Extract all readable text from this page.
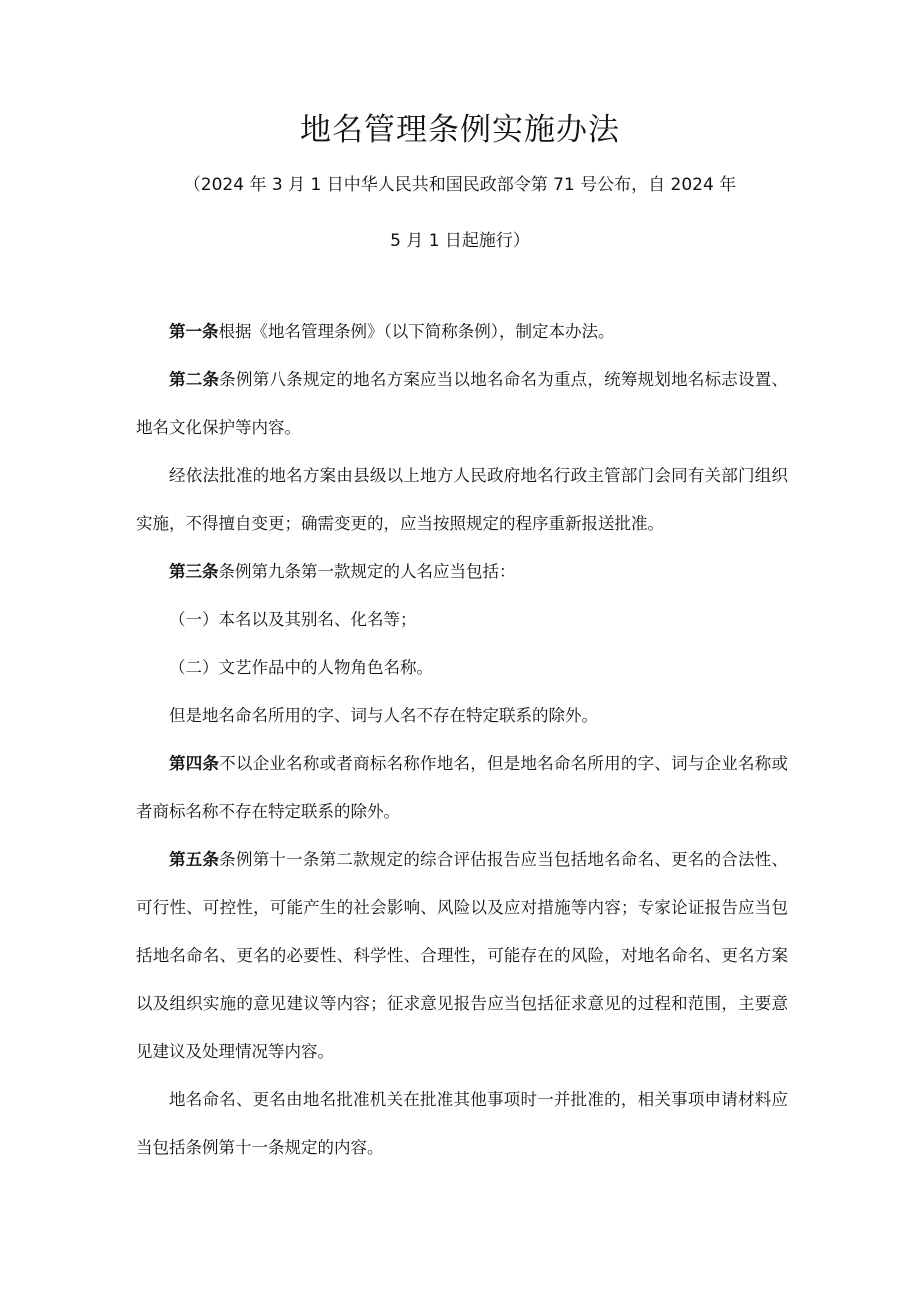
地名管理条例实施办法
（2024 年 3 月 1 日中华人民共和国民政部令第 71 号公布，自 2024 年
5 月 1 日起施行）

第一条根据《地名管理条例》（以下简称条例），制定本办法。

第二条条例第八条规定的地名方案应当以地名命名为重点，统筹规划地名标志设置、地名文化保护等内容。

经依法批准的地名方案由县级以上地方人民政府地名行政主管部门会同有关部门组织实施，不得擅自变更；确需变更的，应当按照规定的程序重新报送批准。

第三条条例第九条第一款规定的人名应当包括：

（一）本名以及其别名、化名等；

（二）文艺作品中的人物角色名称。

但是地名命名所用的字、词与人名不存在特定联系的除外。

第四条不以企业名称或者商标名称作地名，但是地名命名所用的字、词与企业名称或者商标名称不存在特定联系的除外。

第五条条例第十一条第二款规定的综合评估报告应当包括地名命名、更名的合法性、可行性、可控性，可能产生的社会影响、风险以及应对措施等内容；专家论证报告应当包括地名命名、更名的必要性、科学性、合理性，可能存在的风险，对地名命名、更名方案以及组织实施的意见建议等内容；征求意见报告应当包括征求意见的过程和范围，主要意见建议及处理情况等内容。

地名命名、更名由地名批准机关在批准其他事项时一并批准的，相关事项申请材料应当包括条例第十一条规定的内容。
